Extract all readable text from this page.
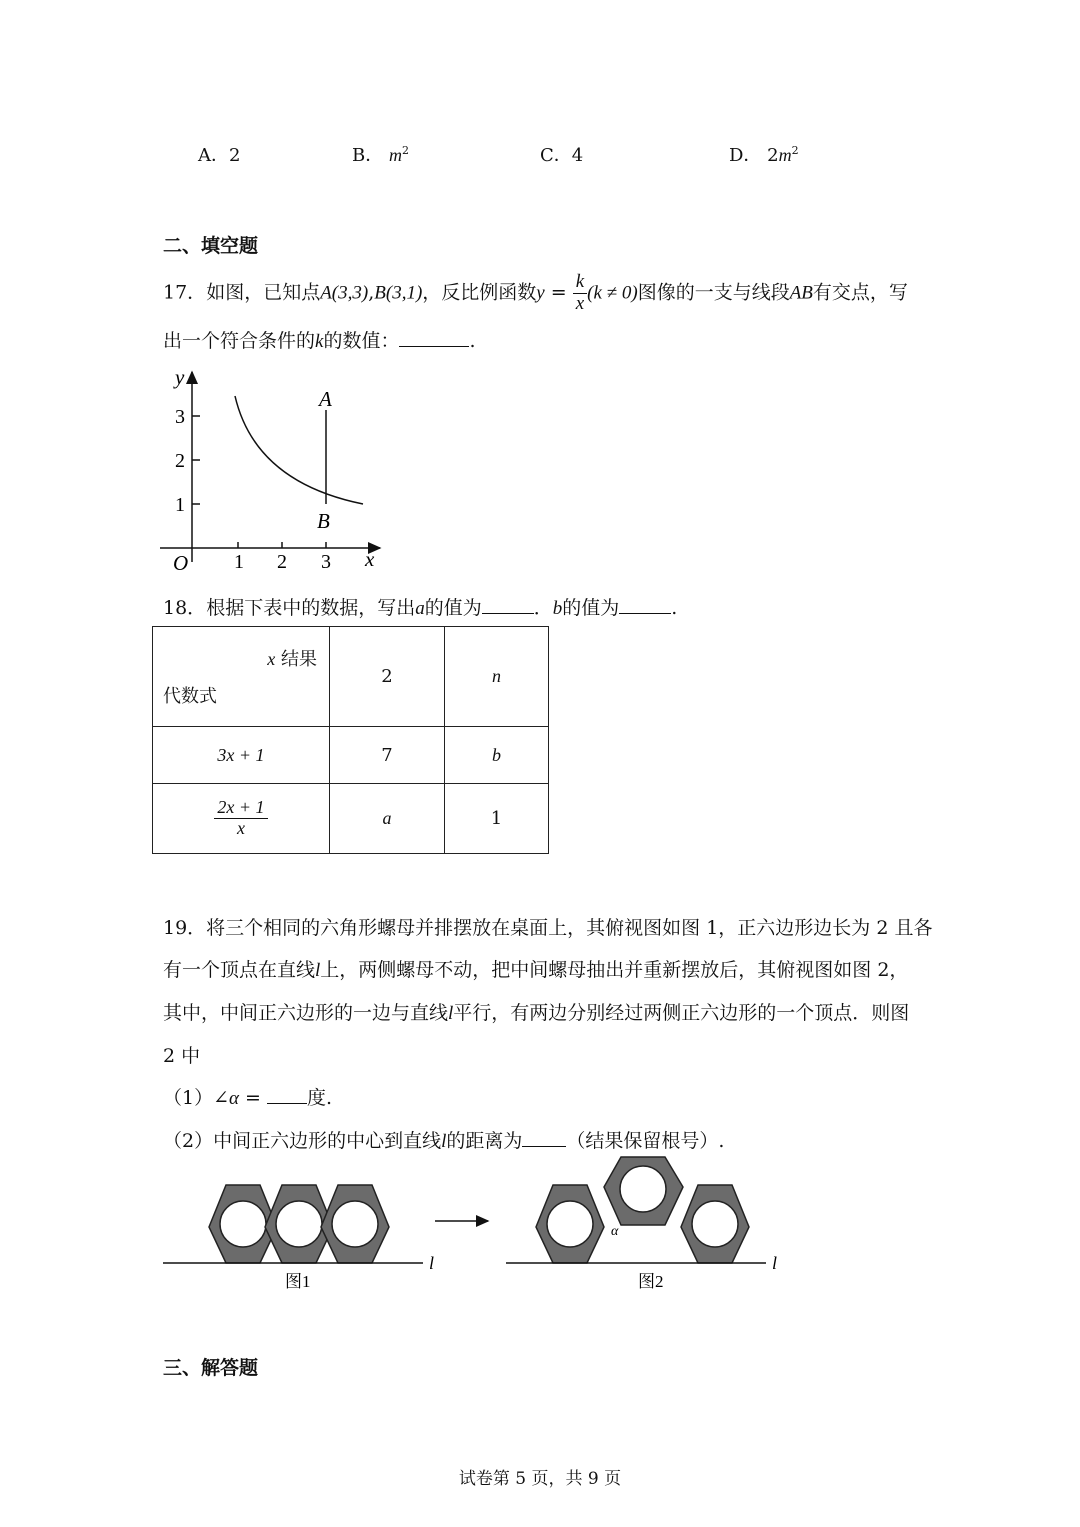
A．2	B． $m^2$	C．4	D． $2m^2$
二、填空题
17．如图，已知点A(3,3),B(3,1)，反比例函数$y = \frac{k}{x} (k \ne 0)$图像的一支与线段AB有交点，写
出一个符合条件的k的数值：	.
1 2 3
1
2
3
y
x
O
A
B
18．根据下表中的数据，写出a的值为	．b的值为	.
x 结果
代数式	2	n
3x + 1	7	b

$\frac{2x + 1}{x}$	a	1
19．将三个相同的六角形螺母并排摆放在桌面上，其俯视图如图 1，正六边形边长为 2 且各
有一个顶点在直线l上，两侧螺母不动，把中间螺母抽出并重新摆放后，其俯视图如图 2，
其中，中间正六边形的一边与直线l平行，有两边分别经过两侧正六边形的一个顶点．则图
2 中
（1）∠α = 度.
（2）中间正六边形的中心到直线l的距离为 （结果保留根号）.
l
图1
l
α
图2
三、解答题
试卷第 5 页，共 9 页
